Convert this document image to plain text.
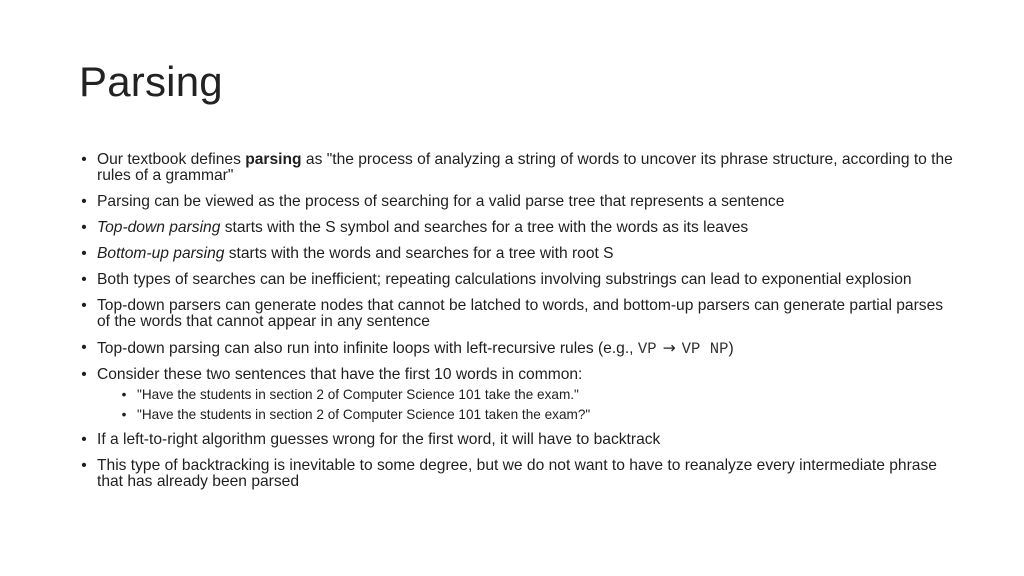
Parsing
• Our textbook defines parsing as "the process of analyzing a string of words to uncover its phrase structure, according to the rules of a grammar"
• Parsing can be viewed as the process of searching for a valid parse tree that represents a sentence
• Top-down parsing starts with the S symbol and searches for a tree with the words as its leaves
• Bottom-up parsing starts with the words and searches for a tree with root S
• Both types of searches can be inefficient; repeating calculations involving substrings can lead to exponential explosion
• Top-down parsers can generate nodes that cannot be latched to words, and bottom-up parsers can generate partial parses of the words that cannot appear in any sentence
• Top-down parsing can also run into infinite loops with left-recursive rules (e.g., VP → VP NP)
• Consider these two sentences that have the first 10 words in common:
• "Have the students in section 2 of Computer Science 101 take the exam."
• "Have the students in section 2 of Computer Science 101 taken the exam?"
• If a left-to-right algorithm guesses wrong for the first word, it will have to backtrack
• This type of backtracking is inevitable to some degree, but we do not want to have to reanalyze every intermediate phrase that has already been parsed
